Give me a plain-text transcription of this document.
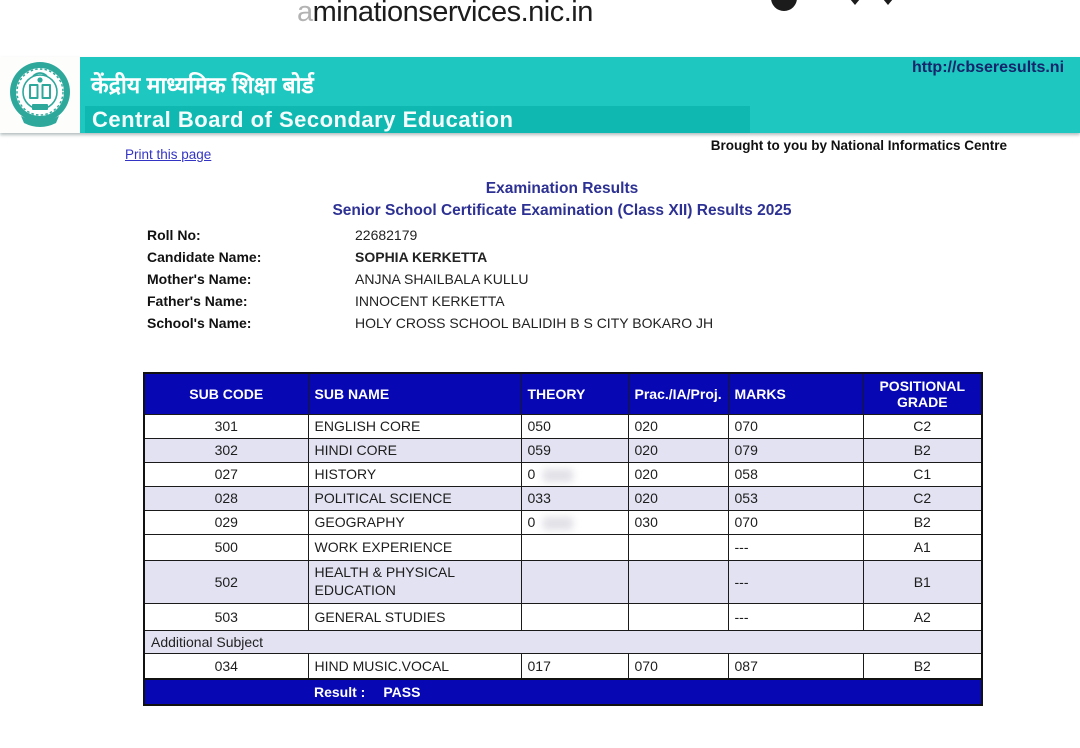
aminationservices.nic.in
केंद्रीय माध्यमिक शिक्षा बोर्ड
Central Board of Secondary Education
http://cbseresults.ni
Print this page
Brought to you by National Informatics Centre
Examination Results
Senior School Certificate Examination (Class XII) Results 2025
Roll No:	22682179
Candidate Name:	SOPHIA KERKETTA
Mother's Name:	ANJNA SHAILBALA KULLU
Father's Name:	INNOCENT KERKETTA
School's Name:	HOLY CROSS SCHOOL BALIDIH B S CITY BOKARO JH
SUB CODE	SUB NAME	THEORY	Prac./IA/Proj.	MARKS	POSITIONAL GRADE
301	ENGLISH CORE	050	020	070	C2
302	HINDI CORE	059	020	079	B2
027	HISTORY	0	020	058	C1
028	POLITICAL SCIENCE	033	020	053	C2
029	GEOGRAPHY	0	030	070	B2
500	WORK EXPERIENCE			---	A1
502	HEALTH & PHYSICAL EDUCATION			---	B1
503	GENERAL STUDIES			---	A2
Additional Subject					
034	HIND MUSIC.VOCAL	017	070	087	B2

Result : PASS					
